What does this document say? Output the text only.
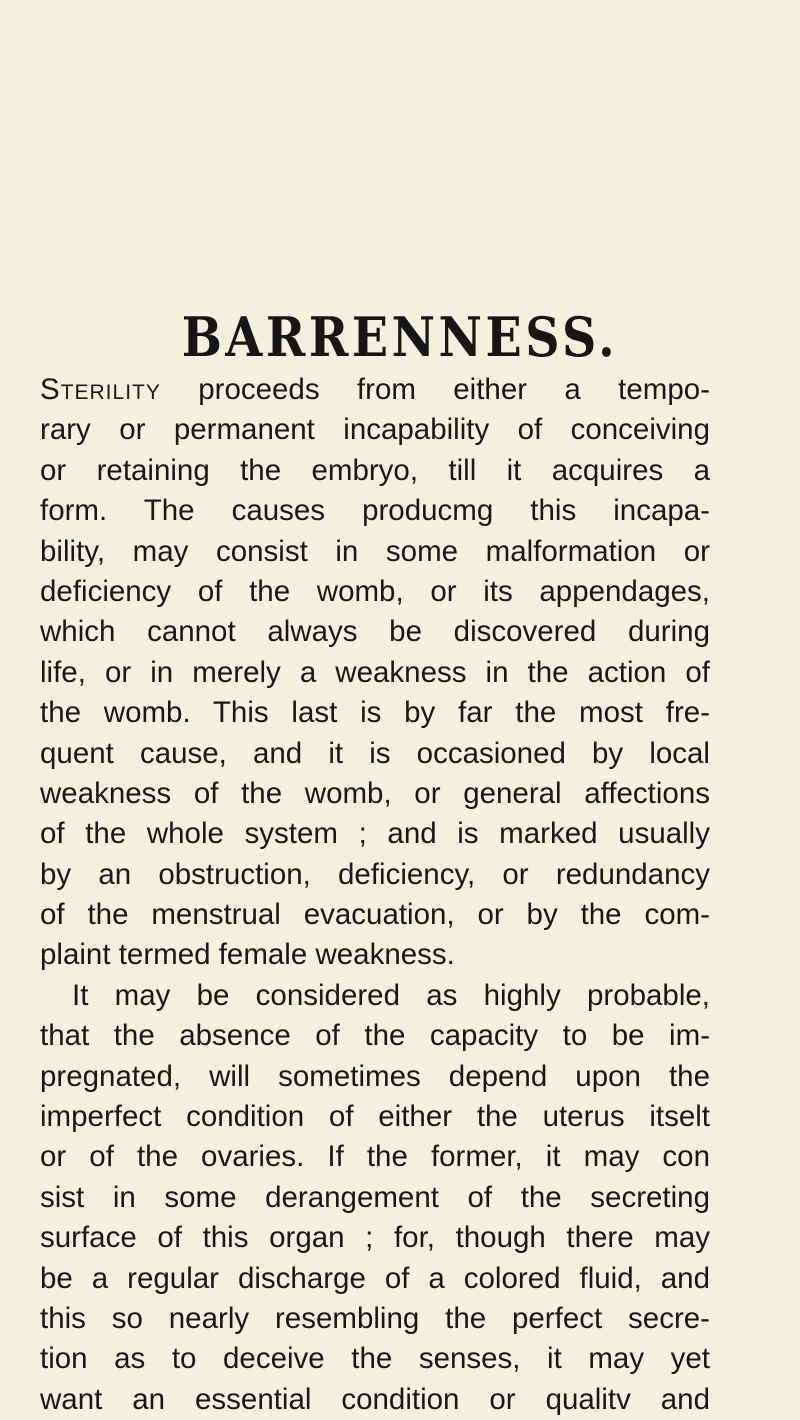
BARRENNESS.
Sterility proceeds from either a tempo-
rary or permanent incapability of conceiving
or retaining the embryo, till it acquires a
form. The causes producmg this incapa-
bility, may consist in some malformation or
deficiency of the womb, or its appendages,
which cannot always be discovered during
life, or in merely a weakness in the action of
the womb. This last is by far the most fre-
quent cause, and it is occasioned by local
weakness of the womb, or general affections
of the whole system ; and is marked usually
by an obstruction, deficiency, or redundancy
of the menstrual evacuation, or by the com-
plaint termed female weakness.
It may be considered as highly probable,
that the absence of the capacity to be im-
pregnated, will sometimes depend upon the
imperfect condition of either the uterus itselt
or of the ovaries. If the former, it may con
sist in some derangement of the secreting
surface of this organ ; for, though there may
be a regular discharge of a colored fluid, and
this so nearly resembling the perfect secre-
tion as to deceive the senses, it may yet
want an essential condition or qualitv and
